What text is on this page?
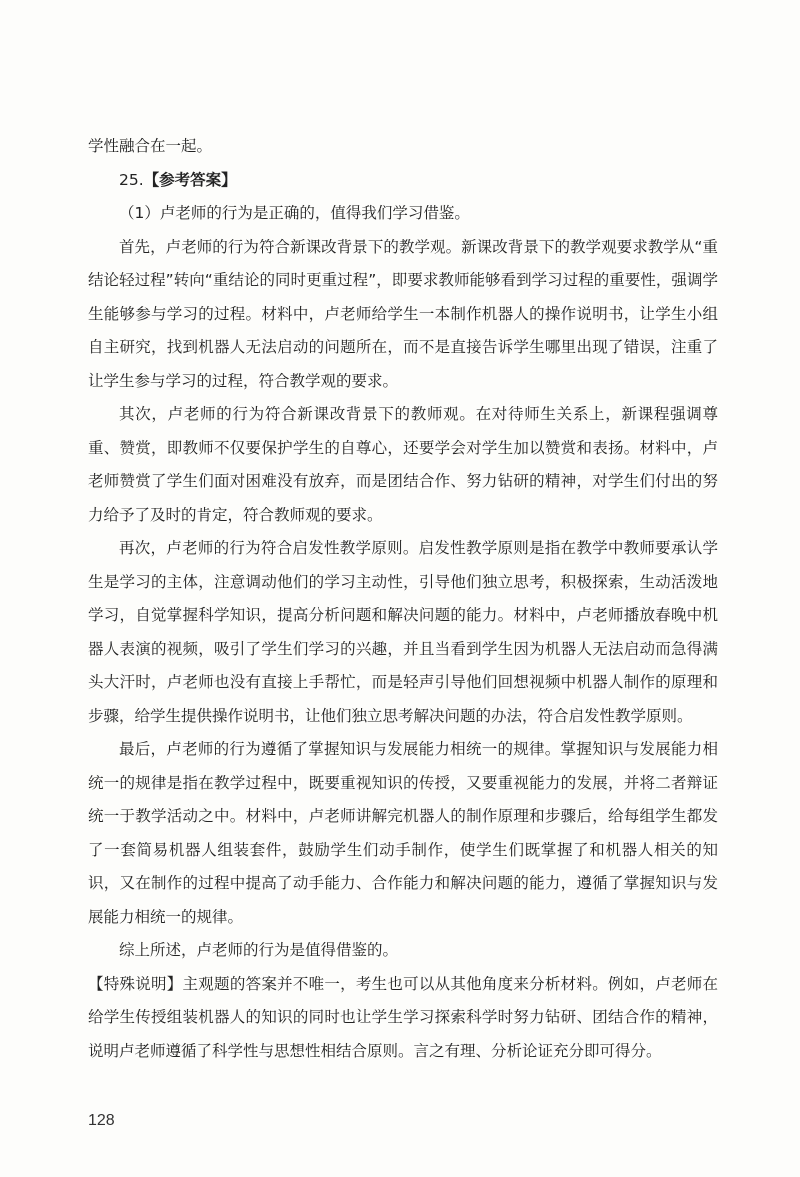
学性融合在一起。

25.【参考答案】

（1）卢老师的行为是正确的，值得我们学习借鉴。

首先，卢老师的行为符合新课改背景下的教学观。新课改背景下的教学观要求教学从“重结论轻过程”转向“重结论的同时更重过程”，即要求教师能够看到学习过程的重要性，强调学生能够参与学习的过程。材料中，卢老师给学生一本制作机器人的操作说明书，让学生小组自主研究，找到机器人无法启动的问题所在，而不是直接告诉学生哪里出现了错误，注重了让学生参与学习的过程，符合教学观的要求。

其次，卢老师的行为符合新课改背景下的教师观。在对待师生关系上，新课程强调尊重、赞赏，即教师不仅要保护学生的自尊心，还要学会对学生加以赞赏和表扬。材料中，卢老师赞赏了学生们面对困难没有放弃，而是团结合作、努力钻研的精神，对学生们付出的努力给予了及时的肯定，符合教师观的要求。

再次，卢老师的行为符合启发性教学原则。启发性教学原则是指在教学中教师要承认学生是学习的主体，注意调动他们的学习主动性，引导他们独立思考，积极探索，生动活泼地学习，自觉掌握科学知识，提高分析问题和解决问题的能力。材料中，卢老师播放春晚中机器人表演的视频，吸引了学生们学习的兴趣，并且当看到学生因为机器人无法启动而急得满头大汗时，卢老师也没有直接上手帮忙，而是轻声引导他们回想视频中机器人制作的原理和步骤，给学生提供操作说明书，让他们独立思考解决问题的办法，符合启发性教学原则。

最后，卢老师的行为遵循了掌握知识与发展能力相统一的规律。掌握知识与发展能力相统一的规律是指在教学过程中，既要重视知识的传授，又要重视能力的发展，并将二者辩证统一于教学活动之中。材料中，卢老师讲解完机器人的制作原理和步骤后，给每组学生都发了一套简易机器人组装套件，鼓励学生们动手制作，使学生们既掌握了和机器人相关的知识，又在制作的过程中提高了动手能力、合作能力和解决问题的能力，遵循了掌握知识与发展能力相统一的规律。

综上所述，卢老师的行为是值得借鉴的。

【特殊说明】主观题的答案并不唯一，考生也可以从其他角度来分析材料。例如，卢老师在给学生传授组装机器人的知识的同时也让学生学习探索科学时努力钻研、团结合作的精神，说明卢老师遵循了科学性与思想性相结合原则。言之有理、分析论证充分即可得分。

128
